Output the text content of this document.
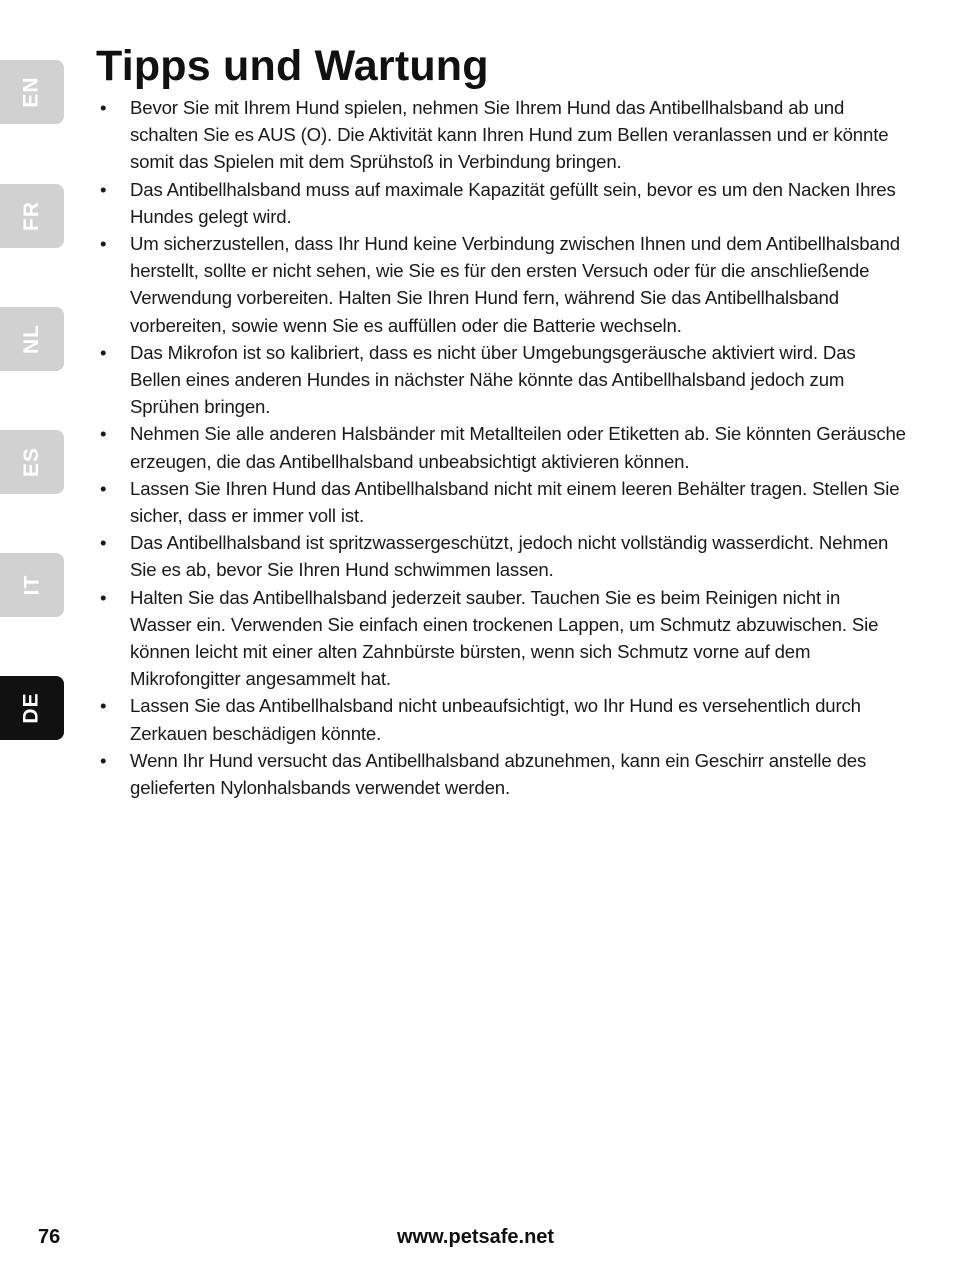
EN
FR
NL
ES
IT
DE
Tipps und Wartung
• Bevor Sie mit Ihrem Hund spielen, nehmen Sie Ihrem Hund das Antibellhalsband ab und schalten Sie es AUS (O). Die Aktivität kann Ihren Hund zum Bellen veranlassen und er könnte somit das Spielen mit dem Sprühstoß in Verbindung bringen.
• Das Antibellhalsband muss auf maximale Kapazität gefüllt sein, bevor es um den Nacken Ihres Hundes gelegt wird.
• Um sicherzustellen, dass Ihr Hund keine Verbindung zwischen Ihnen und dem Antibellhalsband herstellt, sollte er nicht sehen, wie Sie es für den ersten Versuch oder für die anschließende Verwendung vorbereiten. Halten Sie Ihren Hund fern, während Sie das Antibellhalsband vorbereiten, sowie wenn Sie es auffüllen oder die Batterie wechseln.
• Das Mikrofon ist so kalibriert, dass es nicht über Umgebungsgeräusche aktiviert wird. Das Bellen eines anderen Hundes in nächster Nähe könnte das Antibellhalsband jedoch zum Sprühen bringen.
• Nehmen Sie alle anderen Halsbänder mit Metallteilen oder Etiketten ab. Sie könnten Geräusche erzeugen, die das Antibellhalsband unbeabsichtigt aktivieren können.
• Lassen Sie Ihren Hund das Antibellhalsband nicht mit einem leeren Behälter tragen. Stellen Sie sicher, dass er immer voll ist.
• Das Antibellhalsband ist spritzwassergeschützt, jedoch nicht vollständig wasserdicht. Nehmen Sie es ab, bevor Sie Ihren Hund schwimmen lassen.
• Halten Sie das Antibellhalsband jederzeit sauber. Tauchen Sie es beim Reinigen nicht in Wasser ein. Verwenden Sie einfach einen trockenen Lappen, um Schmutz abzuwischen. Sie können leicht mit einer alten Zahnbürste bürsten, wenn sich Schmutz vorne auf dem Mikrofongitter angesammelt hat.
• Lassen Sie das Antibellhalsband nicht unbeaufsichtigt, wo Ihr Hund es versehentlich durch Zerkauen beschädigen könnte.
• Wenn Ihr Hund versucht das Antibellhalsband abzunehmen, kann ein Geschirr anstelle des gelieferten Nylonhalsbands verwendet werden.
76	www.petsafe.net
